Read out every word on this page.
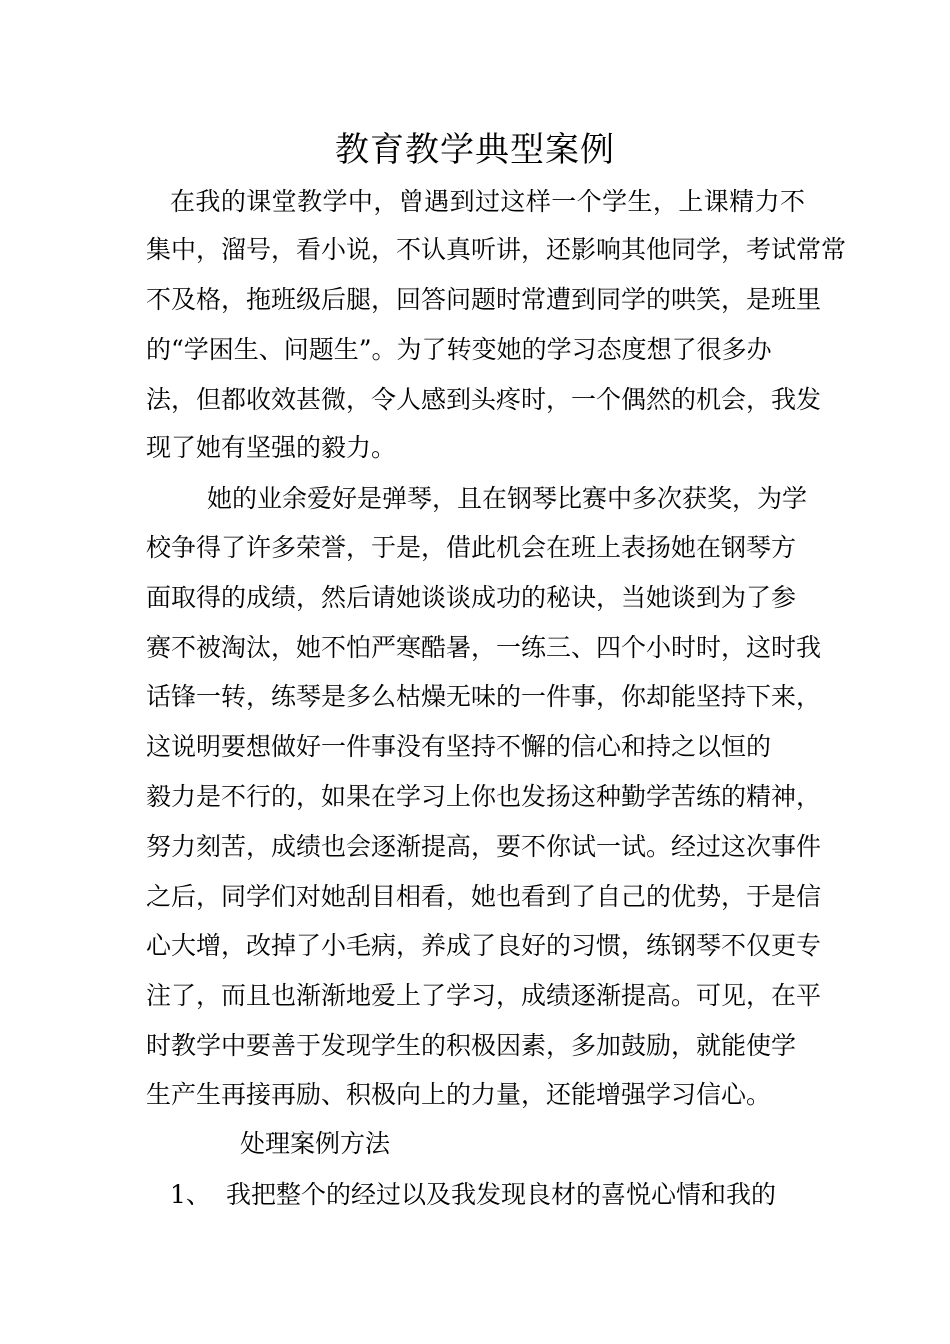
教育教学典型案例

在我的课堂教学中，曾遇到过这样一个学生，上课精力不

集中，溜号，看小说，不认真听讲，还影响其他同学，考试常常

不及格，拖班级后腿，回答问题时常遭到同学的哄笑，是班里

的“学困生、问题生”。为了转变她的学习态度想了很多办

法，但都收效甚微，令人感到头疼时，一个偶然的机会，我发

现了她有坚强的毅力。

她的业余爱好是弹琴，且在钢琴比赛中多次获奖，为学

校争得了许多荣誉，于是，借此机会在班上表扬她在钢琴方

面取得的成绩，然后请她谈谈成功的秘诀，当她谈到为了参

赛不被淘汰，她不怕严寒酷暑，一练三、四个小时时，这时我

话锋一转，练琴是多么枯燥无味的一件事，你却能坚持下来，

这说明要想做好一件事没有坚持不懈的信心和持之以恒的

毅力是不行的，如果在学习上你也发扬这种勤学苦练的精神，

努力刻苦，成绩也会逐渐提高，要不你试一试。经过这次事件

之后，同学们对她刮目相看，她也看到了自己的优势，于是信

心大增，改掉了小毛病，养成了良好的习惯，练钢琴不仅更专

注了，而且也渐渐地爱上了学习，成绩逐渐提高。可见，在平

时教学中要善于发现学生的积极因素，多加鼓励，就能使学

生产生再接再励、积极向上的力量，还能增强学习信心。

处理案例方法

1、 我把整个的经过以及我发现良材的喜悦心情和我的
